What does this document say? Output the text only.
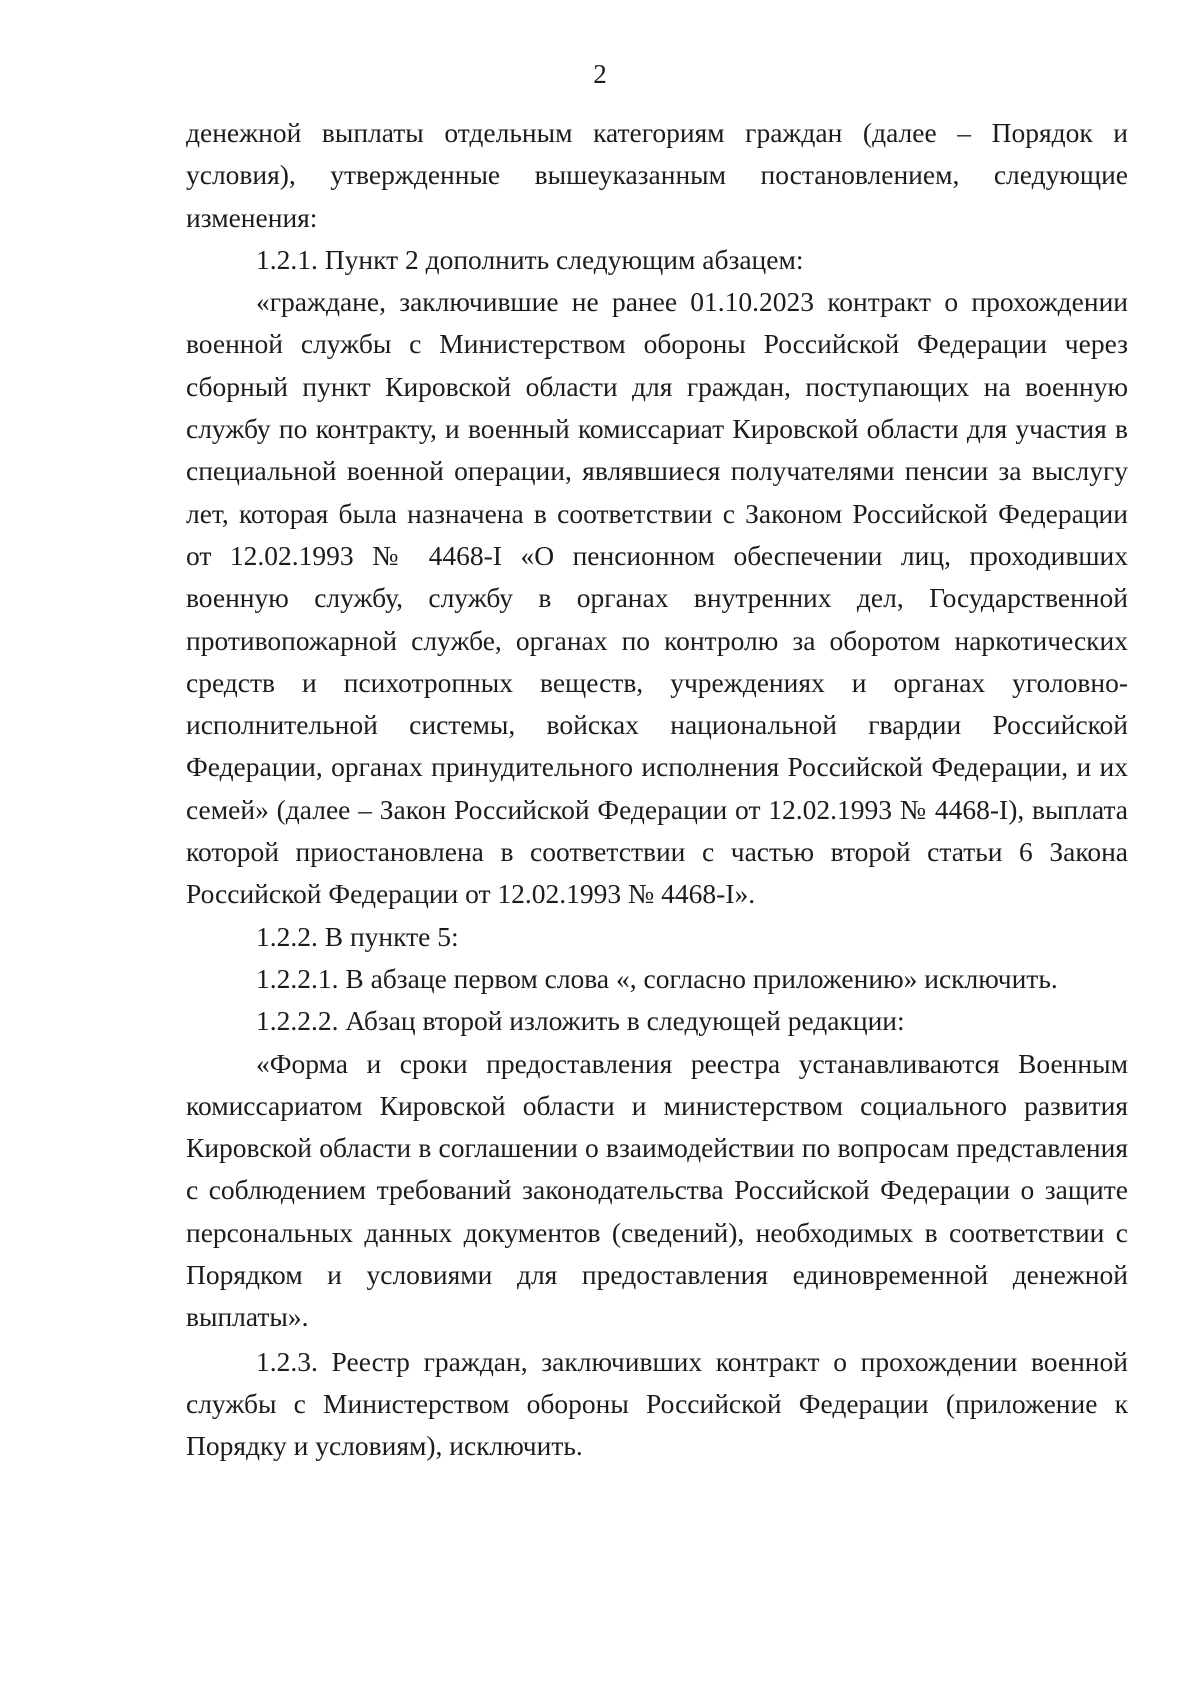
2

денежной выплаты отдельным категориям граждан (далее – Порядок и условия), утвержденные вышеуказанным постановлением, следующие изменения:

1.2.1. Пункт 2 дополнить следующим абзацем:

«граждане, заключившие не ранее 01.10.2023 контракт о прохождении военной службы с Министерством обороны Российской Федерации через сборный пункт Кировской области для граждан, поступающих на военную службу по контракту, и военный комиссариат Кировской области для участия в специальной военной операции, являвшиеся получателями пенсии за выслугу лет, которая была назначена в соответствии с Законом Российской Федерации от 12.02.1993 № 4468-I «О пенсионном обеспечении лиц, проходивших военную службу, службу в органах внутренних дел, Государственной противопожарной службе, органах по контролю за оборотом наркотических средств и психотропных веществ, учреждениях и органах уголовно-исполнительной системы, войсках национальной гвардии Российской Федерации, органах принудительного исполнения Российской Федерации, и их семей» (далее – Закон Российской Федерации от 12.02.1993 № 4468-I), выплата которой приостановлена в соответствии с частью второй статьи 6 Закона Российской Федерации от 12.02.1993 № 4468-I».

1.2.2. В пункте 5:

1.2.2.1. В абзаце первом слова «, согласно приложению» исключить.

1.2.2.2. Абзац второй изложить в следующей редакции:

«Форма и сроки предоставления реестра устанавливаются Военным комиссариатом Кировской области и министерством социального развития Кировской области в соглашении о взаимодействии по вопросам представления с соблюдением требований законодательства Российской Федерации о защите персональных данных документов (сведений), необходимых в соответствии с Порядком и условиями для предоставления единовременной денежной выплаты».

1.2.3. Реестр граждан, заключивших контракт о прохождении военной службы с Министерством обороны Российской Федерации (приложение к Порядку и условиям), исключить.
